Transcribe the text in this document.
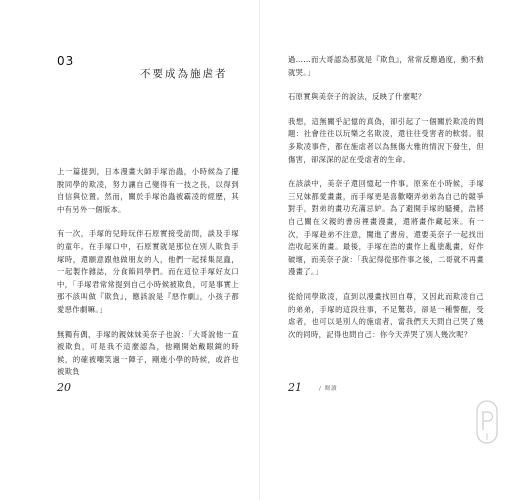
03
不要成為施虐者

上一篇提到，日本漫畫大師手塚治蟲，小時候為了擺脫同學的欺凌，努力讓自己變得有一技之長，以得到自信與位置。然而，關於手塚治蟲被霸凌的經歷，其中有另外一個版本。

有一次，手塚的兒時玩伴石原實接受訪問，談及手塚的童年。在手塚口中，石原實就是那位在別人欺負手塚時，還願意跟他做朋友的人，他們一起採集昆蟲，一起製作雜誌，分食餡同學們。而在這位手塚好友口中，「手塚君常常提到自己小時候被欺負，可是事實上那不該叫做『欺負』，應該說是『惡作劇』，小孩子都愛惡作劇嘛。」

無獨有偶，手塚的親妹妹美奈子也說：「大哥說他一直被欺負，可是我不這麼認為，他剛開始戴眼鏡的時候，的確被嘲笑過一陣子，剛進小學的時候，或許也被欺負

20

過……而大哥認為那就是『欺負』，常常反應過度，動不動就哭。」

石原實與美奈子的說法，反映了什麼呢？

我想，這無關乎記憶的真偽，卻引起了一個關於欺凌的問題：社會往往以玩樂之名欺凌，還往往受害者的軟弱。很多欺凌事件，都在施虐者以為無傷大雅的情況下發生，但傷害，卻深深的記在受虐者的生命。

在該談中，美奈子還回憶起一件事。原來在小時候，手塚三兄妹都愛畫畫，而手塚更是喜歡嘲弄弟弟為自己的競爭對手，對弟的畫功充滿忌妒。為了避開手塚的騷擾，浩將自己關在父親的書房裡畫漫畫，還將畫作藏起來。有一次，手塚趁弟不注意，闖進了書房，還要美奈子一起找出浩收起來的畫。最後，手塚在浩的畫作上亂塗亂畫，好作破壞，而美奈子說：「我記得從那件事之後，二哥就不再畫漫畫了。」

從給同學欺凌，直到以漫畫找回自尊，又因此而欺凌自己的弟弟，手塚的這段往事，不足驚恭，卻是一種警醒，受虐者，也可以是別人的施虐者，當我們天天問自己哭了幾次的同時，記得也問自己：你今天弄哭了別人幾次呢？

21	/ 閱讀
